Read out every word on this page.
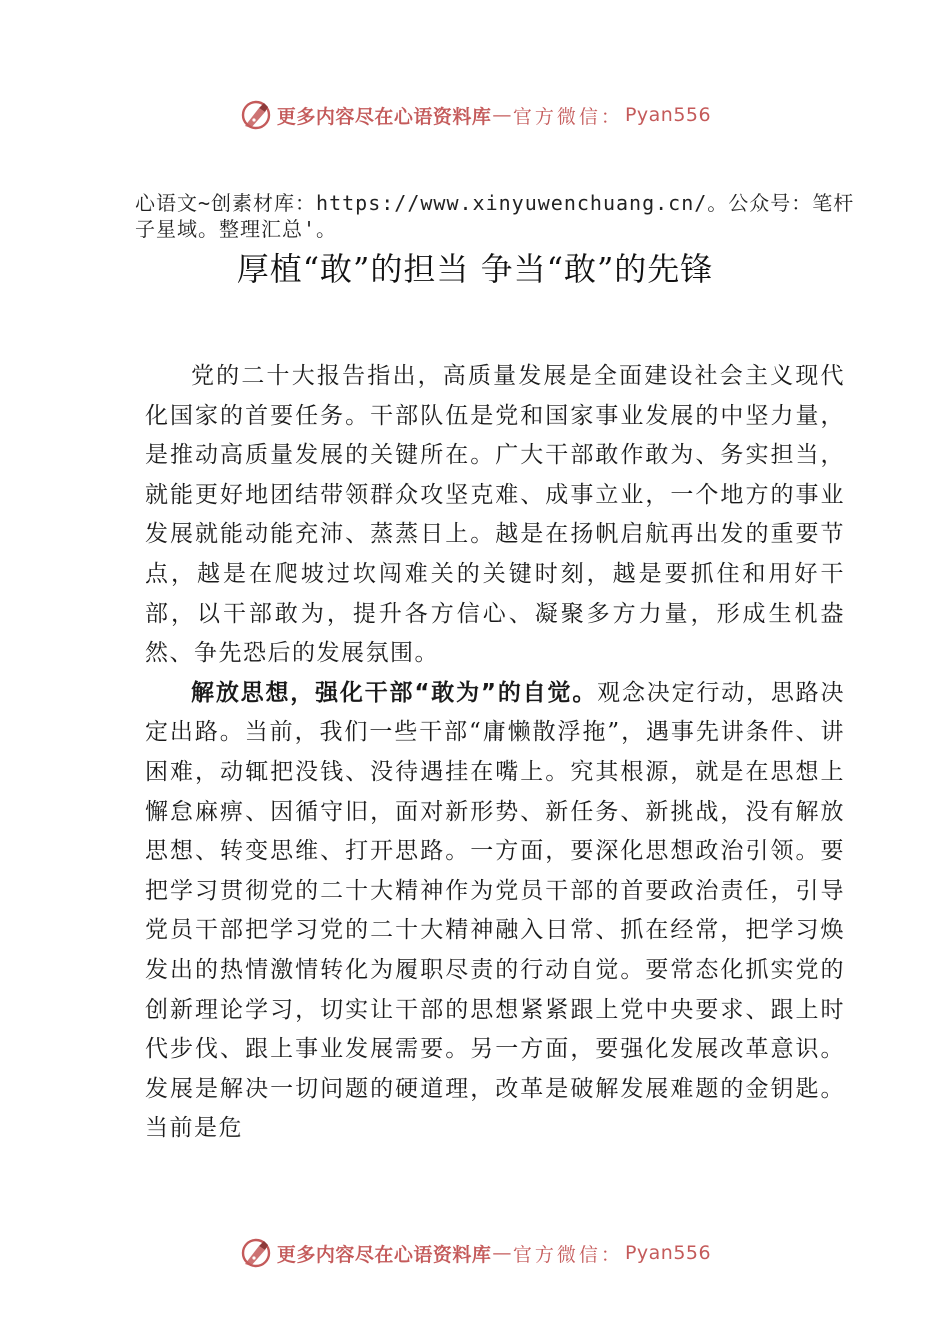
更多内容尽在心语资料库 — 官方微信： Pyan556

心语文~创素材库：https://www.xinyuwenchuang.cn/。公众号：笔杆子星域。整理汇总'。

厚植“敢”的担当 争当“敢”的先锋

党的二十大报告指出，高质量发展是全面建设社会主义现代化国家的首要任务。干部队伍是党和国家事业发展的中坚力量，是推动高质量发展的关键所在。广大干部敢作敢为、务实担当，就能更好地团结带领群众攻坚克难、成事立业，一个地方的事业发展就能动能充沛、蒸蒸日上。越是在扬帆启航再出发的重要节点，越是在爬坡过坎闯难关的关键时刻，越是要抓住和用好干部，以干部敢为，提升各方信心、凝聚多方力量，形成生机盎然、争先恐后的发展氛围。

解放思想，强化干部“敢为”的自觉。观念决定行动，思路决定出路。当前，我们一些干部“庸懒散浮拖”，遇事先讲条件、讲困难，动辄把没钱、没待遇挂在嘴上。究其根源，就是在思想上懈怠麻痹、因循守旧，面对新形势、新任务、新挑战，没有解放思想、转变思维、打开思路。一方面，要深化思想政治引领。要把学习贯彻党的二十大精神作为党员干部的首要政治责任，引导党员干部把学习党的二十大精神融入日常、抓在经常，把学习焕发出的热情激情转化为履职尽责的行动自觉。要常态化抓实党的创新理论学习，切实让干部的思想紧紧跟上党中央要求、跟上时代步伐、跟上事业发展需要。另一方面，要强化发展改革意识。发展是解决一切问题的硬道理，改革是破解发展难题的金钥匙。当前是危

更多内容尽在心语资料库 — 官方微信： Pyan556
